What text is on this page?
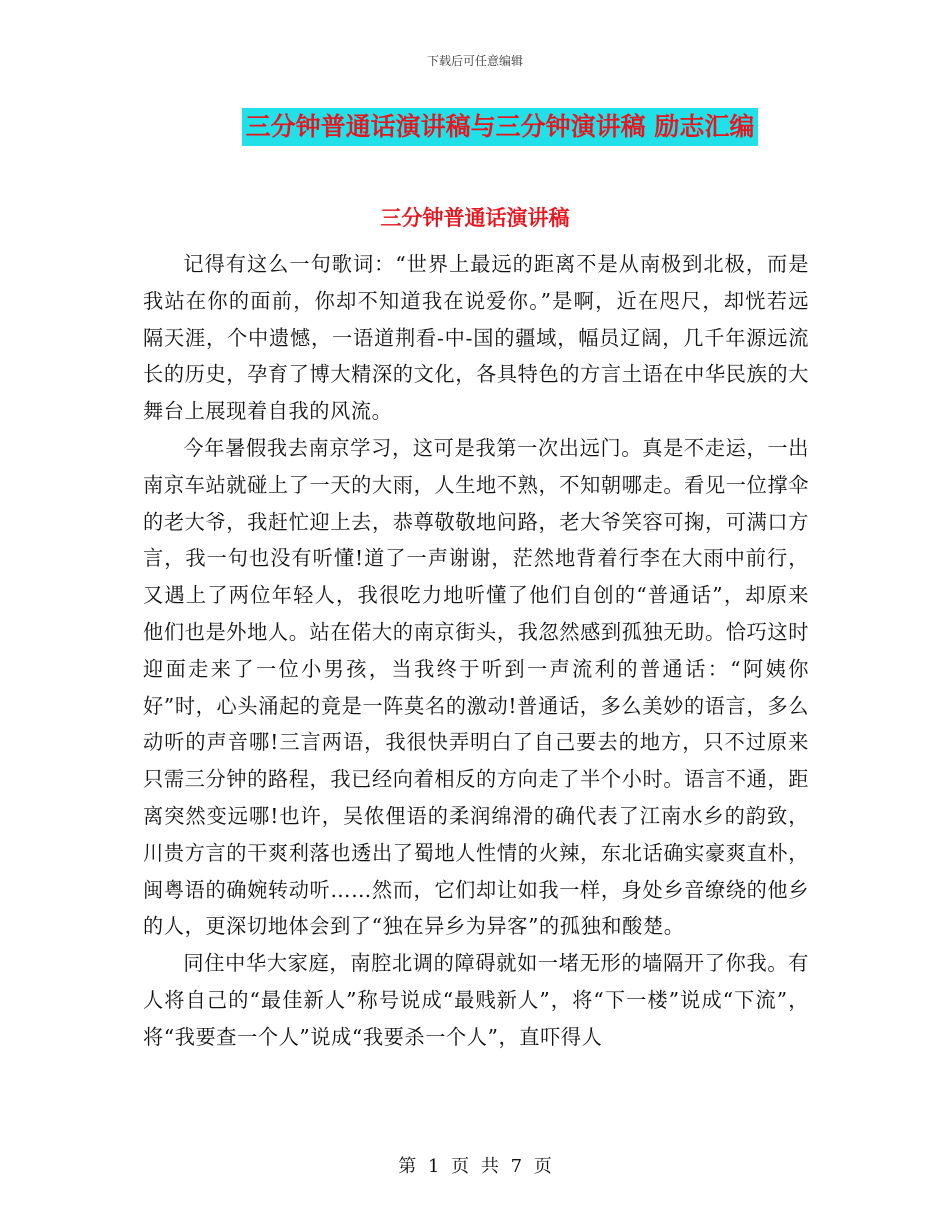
下载后可任意编辑
三分钟普通话演讲稿与三分钟演讲稿 励志汇编
三分钟普通话演讲稿

记得有这么一句歌词：“世界上最远的距离不是从南极到北极，而是我站在你的面前，你却不知道我在说爱你。”是啊，近在咫尺，却恍若远隔天涯，个中遗憾，一语道荆看-中-国的疆域，幅员辽阔，几千年源远流长的历史，孕育了博大精深的文化，各具特色的方言土语在中华民族的大舞台上展现着自我的风流。

今年暑假我去南京学习，这可是我第一次出远门。真是不走运，一出南京车站就碰上了一天的大雨，人生地不熟，不知朝哪走。看见一位撑伞的老大爷，我赶忙迎上去，恭尊敬敬地问路，老大爷笑容可掬，可满口方言，我一句也没有听懂!道了一声谢谢，茫然地背着行李在大雨中前行，又遇上了两位年轻人，我很吃力地听懂了他们自创的“普通话”，却原来他们也是外地人。站在偌大的南京街头，我忽然感到孤独无助。恰巧这时迎面走来了一位小男孩，当我终于听到一声流利的普通话：“阿姨你好”时，心头涌起的竟是一阵莫名的激动!普通话，多么美妙的语言，多么动听的声音哪!三言两语，我很快弄明白了自己要去的地方，只不过原来只需三分钟的路程，我已经向着相反的方向走了半个小时。语言不通，距离突然变远哪!也许，吴侬俚语的柔润绵滑的确代表了江南水乡的韵致，川贵方言的干爽利落也透出了蜀地人性情的火辣，东北话确实豪爽直朴，闽粤语的确婉转动听……然而，它们却让如我一样，身处乡音缭绕的他乡的人，更深切地体会到了“独在异乡为异客”的孤独和酸楚。

同住中华大家庭，南腔北调的障碍就如一堵无形的墙隔开了你我。有人将自己的“最佳新人”称号说成“最贱新人”，将“下一楼”说成“下流”，将“我要查一个人”说成“我要杀一个人”，直吓得人

第 1 页 共 7 页
